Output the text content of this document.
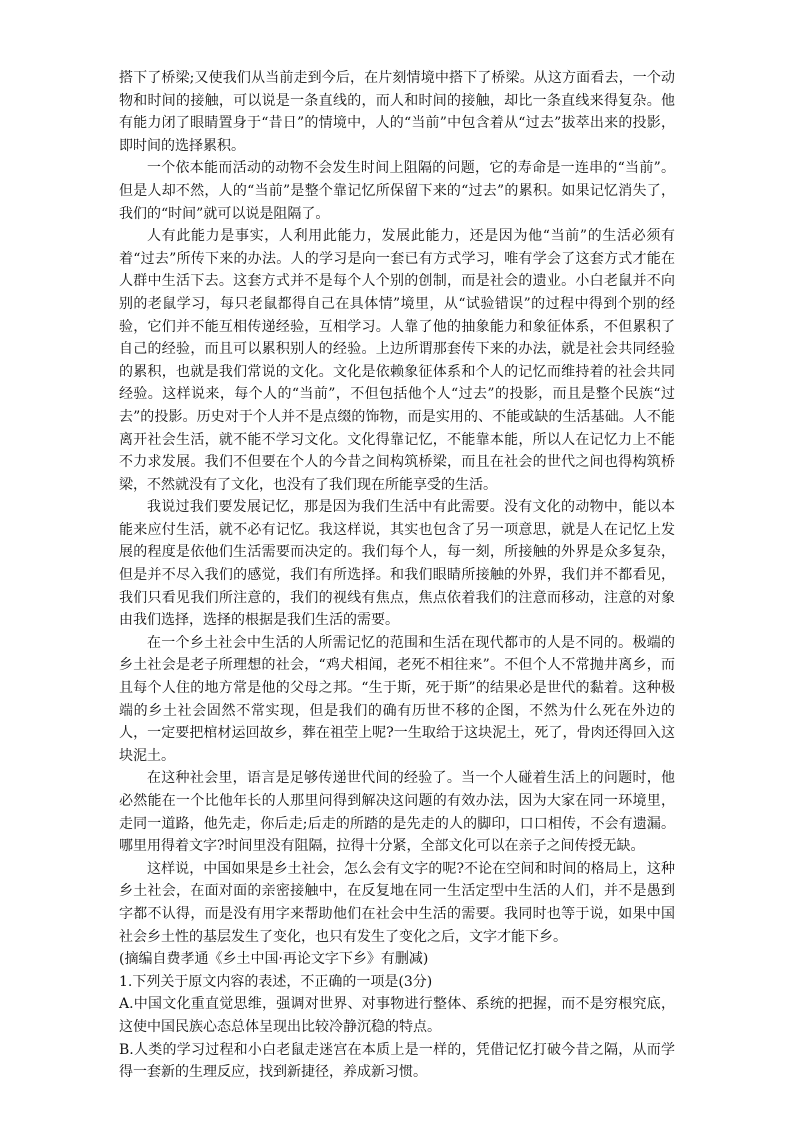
搭下了桥梁;又使我们从当前走到今后，在片刻情境中搭下了桥梁。从这方面看去，一个动物和时间的接触，可以说是一条直线的，而人和时间的接触，却比一条直线来得复杂。他有能力闭了眼睛置身于“昔日”的情境中，人的“当前”中包含着从“过去”拔萃出来的投影，即时间的选择累积。

一个依本能而活动的动物不会发生时间上阻隔的问题，它的寿命是一连串的“当前”。但是人却不然，人的“当前”是整个靠记忆所保留下来的“过去”的累积。如果记忆消失了，我们的“时间”就可以说是阻隔了。

人有此能力是事实，人利用此能力，发展此能力，还是因为他“当前”的生活必须有着“过去”所传下来的办法。人的学习是向一套已有方式学习，唯有学会了这套方式才能在人群中生活下去。这套方式并不是每个人个别的创制，而是社会的遗业。小白老鼠并不向别的老鼠学习，每只老鼠都得自己在具体情”境里，从“试验错误”的过程中得到个别的经验，它们并不能互相传递经验，互相学习。人靠了他的抽象能力和象征体系，不但累积了自己的经验，而且可以累积别人的经验。上边所谓那套传下来的办法，就是社会共同经验的累积，也就是我们常说的文化。文化是依赖象征体系和个人的记忆而维持着的社会共同经验。这样说来，每个人的“当前”，不但包括他个人“过去”的投影，而且是整个民族“过去”的投影。历史对于个人并不是点缀的饰物，而是实用的、不能或缺的生活基础。人不能离开社会生活，就不能不学习文化。文化得靠记忆，不能靠本能，所以人在记忆力上不能不力求发展。我们不但要在个人的今昔之间构筑桥梁，而且在社会的世代之间也得构筑桥梁，不然就没有了文化，也没有了我们现在所能享受的生活。

我说过我们要发展记忆，那是因为我们生活中有此需要。没有文化的动物中，能以本能来应付生活，就不必有记忆。我这样说，其实也包含了另一项意思，就是人在记忆上发展的程度是依他们生活需要而决定的。我们每个人，每一刻，所接触的外界是众多复杂，但是并不尽入我们的感觉，我们有所选择。和我们眼睛所接触的外界，我们并不都看见，我们只看见我们所注意的，我们的视线有焦点，焦点依着我们的注意而移动，注意的对象由我们选择，选择的根据是我们生活的需要。

在一个乡土社会中生活的人所需记忆的范围和生活在现代都市的人是不同的。极端的乡土社会是老子所理想的社会，“鸡犬相闻，老死不相往来”。不但个人不常抛井离乡，而且每个人住的地方常是他的父母之邦。“生于斯，死于斯”的结果必是世代的黏着。这种极端的乡土社会固然不常实现，但是我们的确有历世不移的企图，不然为什么死在外边的人，一定要把棺材运回故乡，葬在祖茔上呢?一生取给于这块泥土，死了，骨肉还得回入这块泥土。

在这种社会里，语言是足够传递世代间的经验了。当一个人碰着生活上的问题时，他必然能在一个比他年长的人那里问得到解决这问题的有效办法，因为大家在同一环境里，走同一道路，他先走，你后走;后走的所踏的是先走的人的脚印，口口相传，不会有遗漏。哪里用得着文字?时间里没有阻隔，拉得十分紧，全部文化可以在亲子之间传授无缺。

这样说，中国如果是乡土社会，怎么会有文字的呢?不论在空间和时间的格局上，这种乡土社会，在面对面的亲密接触中，在反复地在同一生活定型中生活的人们，并不是愚到字都不认得，而是没有用字来帮助他们在社会中生活的需要。我同时也等于说，如果中国社会乡土性的基层发生了变化，也只有发生了变化之后，文字才能下乡。

(摘编自费孝通《乡土中国·再论文字下乡》有删减)

1.下列关于原文内容的表述，不正确的一项是(3分)

A.中国文化重直觉思维，强调对世界、对事物进行整体、系统的把握，而不是穷根究底，这使中国民族心态总体呈现出比较冷静沉稳的特点。

B.人类的学习过程和小白老鼠走迷宫在本质上是一样的，凭借记忆打破今昔之隔，从而学得一套新的生理反应，找到新捷径，养成新习惯。
